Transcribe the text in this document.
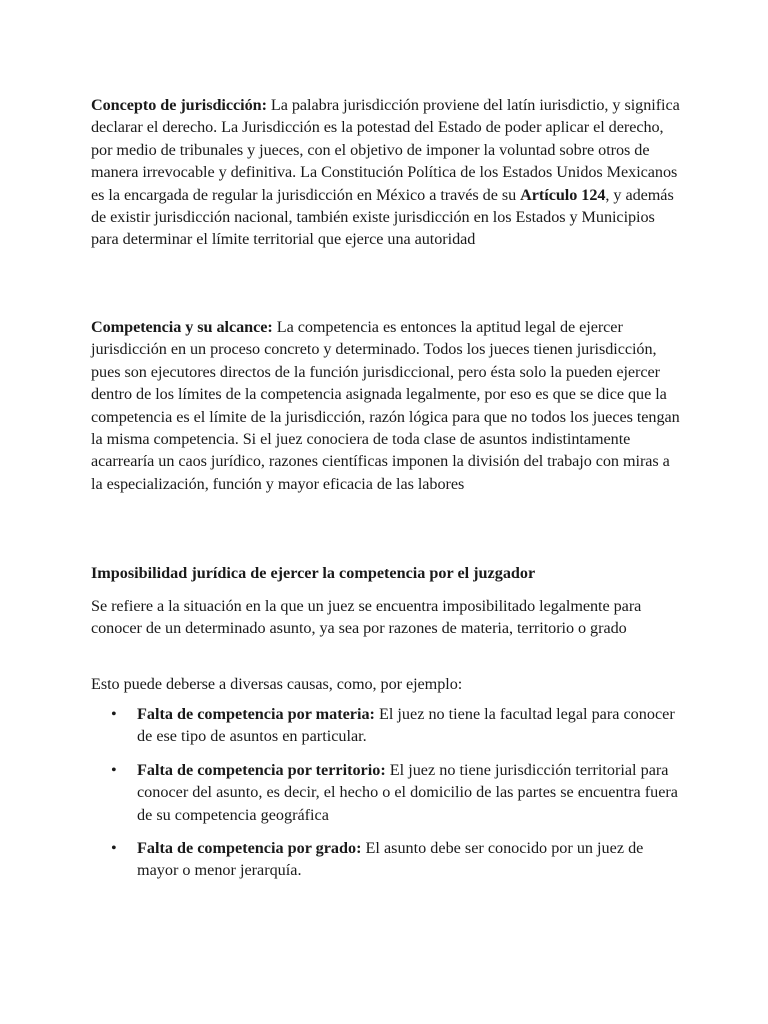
Concepto de jurisdicción: La palabra jurisdicción proviene del latín iurisdictio, y significa declarar el derecho. La Jurisdicción es la potestad del Estado de poder aplicar el derecho, por medio de tribunales y jueces, con el objetivo de imponer la voluntad sobre otros de manera irrevocable y definitiva. La Constitución Política de los Estados Unidos Mexicanos es la encargada de regular la jurisdicción en México a través de su Artículo 124, y además de existir jurisdicción nacional, también existe jurisdicción en los Estados y Municipios para determinar el límite territorial que ejerce una autoridad

Competencia y su alcance: La competencia es entonces la aptitud legal de ejercer jurisdicción en un proceso concreto y determinado. Todos los jueces tienen jurisdicción, pues son ejecutores directos de la función jurisdiccional, pero ésta solo la pueden ejercer dentro de los límites de la competencia asignada legalmente, por eso es que se dice que la competencia es el límite de la jurisdicción, razón lógica para que no todos los jueces tengan la misma competencia. Si el juez conociera de toda clase de asuntos indistintamente acarrearía un caos jurídico, razones científicas imponen la división del trabajo con miras a la especialización, función y mayor eficacia de las labores

Imposibilidad jurídica de ejercer la competencia por el juzgador

Se refiere a la situación en la que un juez se encuentra imposibilitado legalmente para conocer de un determinado asunto, ya sea por razones de materia, territorio o grado

Esto puede deberse a diversas causas, como, por ejemplo:

• Falta de competencia por materia: El juez no tiene la facultad legal para conocer de ese tipo de asuntos en particular.
• Falta de competencia por territorio: El juez no tiene jurisdicción territorial para conocer del asunto, es decir, el hecho o el domicilio de las partes se encuentra fuera de su competencia geográfica
• Falta de competencia por grado: El asunto debe ser conocido por un juez de mayor o menor jerarquía.
